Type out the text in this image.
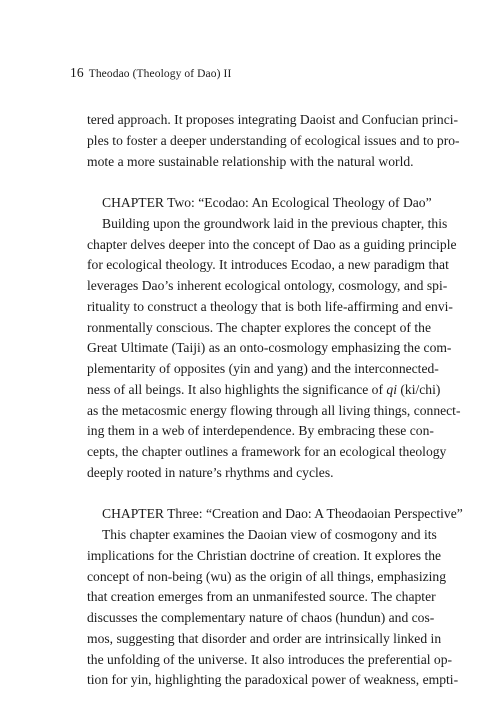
16 Theodao (Theology of Dao) II
tered approach. It proposes integrating Daoist and Confucian princi-
ples to foster a deeper understanding of ecological issues and to pro-
mote a more sustainable relationship with the natural world.
CHAPTER Two: “Ecodao: An Ecological Theology of Dao”
Building upon the groundwork laid in the previous chapter, this
chapter delves deeper into the concept of Dao as a guiding principle
for ecological theology. It introduces Ecodao, a new paradigm that
leverages Dao’s inherent ecological ontology, cosmology, and spi-
rituality to construct a theology that is both life-affirming and envi-
ronmentally conscious. The chapter explores the concept of the
Great Ultimate (Taiji) as an onto-cosmology emphasizing the com-
plementarity of opposites (yin and yang) and the interconnected-
ness of all beings. It also highlights the significance of qi (ki/chi)
as the metacosmic energy flowing through all living things, connect-
ing them in a web of interdependence. By embracing these con-
cepts, the chapter outlines a framework for an ecological theology
deeply rooted in nature’s rhythms and cycles.
CHAPTER Three: “Creation and Dao: A Theodaoian Perspective”
This chapter examines the Daoian view of cosmogony and its
implications for the Christian doctrine of creation. It explores the
concept of non-being (wu) as the origin of all things, emphasizing
that creation emerges from an unmanifested source. The chapter
discusses the complementary nature of chaos (hundun) and cos-
mos, suggesting that disorder and order are intrinsically linked in
the unfolding of the universe. It also introduces the preferential op-
tion for yin, highlighting the paradoxical power of weakness, empti-
